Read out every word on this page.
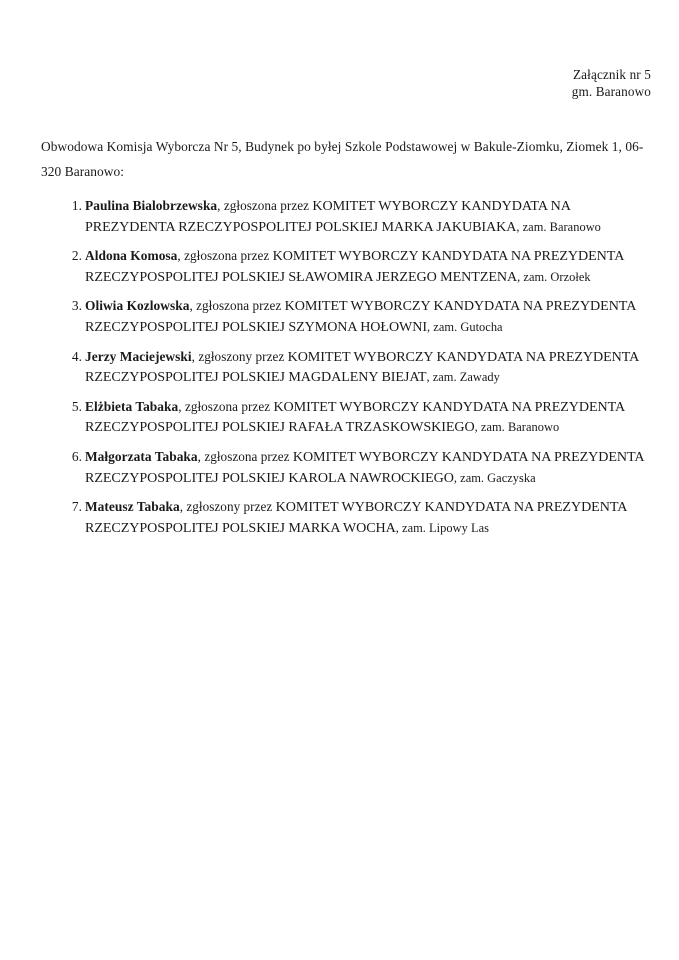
Załącznik nr 5
gm. Baranowo

Obwodowa Komisja Wyborcza Nr 5, Budynek po byłej Szkole Podstawowej w Bakule-Ziomku, Ziomek 1, 06-320 Baranowo:

1. Paulina Bialobrzewska, zgłoszona przez KOMITET WYBORCZY KANDYDATA NA PREZYDENTA RZECZYPOSPOLITEJ POLSKIEJ MARKA JAKUBIAKA, zam. Baranowo
2. Aldona Komosa, zgłoszona przez KOMITET WYBORCZY KANDYDATA NA PREZYDENTA RZECZYPOSPOLITEJ POLSKIEJ SŁAWOMIRA JERZEGO MENTZENA, zam. Orzołek
3. Oliwia Kozlowska, zgłoszona przez KOMITET WYBORCZY KANDYDATA NA PREZYDENTA RZECZYPOSPOLITEJ POLSKIEJ SZYMONA HOŁOWNI, zam. Gutocha
4. Jerzy Maciejewski, zgłoszony przez KOMITET WYBORCZY KANDYDATA NA PREZYDENTA RZECZYPOSPOLITEJ POLSKIEJ MAGDALENY BIEJAT, zam. Zawady
5. Elżbieta Tabaka, zgłoszona przez KOMITET WYBORCZY KANDYDATA NA PREZYDENTA RZECZYPOSPOLITEJ POLSKIEJ RAFAŁA TRZASKOWSKIEGO, zam. Baranowo
6. Małgorzata Tabaka, zgłoszona przez KOMITET WYBORCZY KANDYDATA NA PREZYDENTA RZECZYPOSPOLITEJ POLSKIEJ KAROLA NAWROCKIEGO, zam. Gaczyska
7. Mateusz Tabaka, zgłoszony przez KOMITET WYBORCZY KANDYDATA NA PREZYDENTA RZECZYPOSPOLITEJ POLSKIEJ MARKA WOCHA, zam. Lipowy Las
